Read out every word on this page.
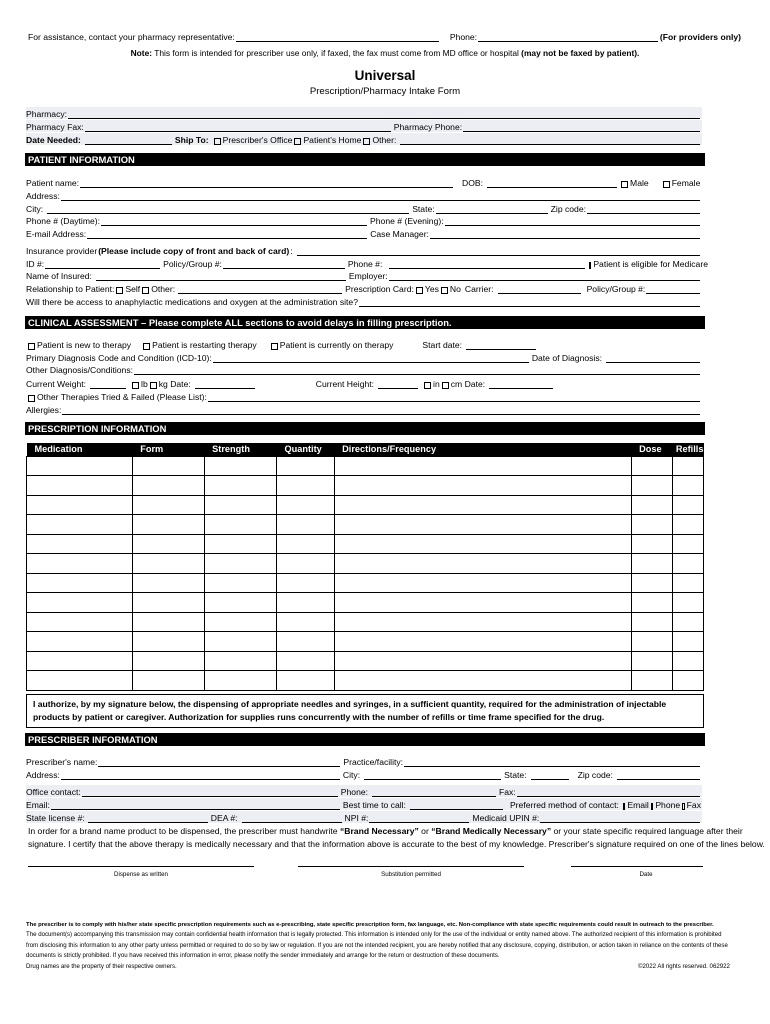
For assistance, contact your pharmacy representative:	Phone:	(For providers only)
Note: This form is intended for prescriber use only, if faxed, the fax must come from MD office or hospital (may not be faxed by patient).
Universal
Prescription/Pharmacy Intake Form
Pharmacy:
Pharmacy Fax:	Pharmacy Phone:
Date Needed:	Ship To: Prescriber's Office Patient's Home Other:
PATIENT INFORMATION
Patient name:	DOB:	Male	Female
Address:
City:	State:	Zip code:
Phone # (Daytime):	Phone # (Evening):
E-mail Address:	Case Manager:
Insurance provider (Please include copy of front and back of card) :
ID #:	Policy/Group #:	Phone #:	Patient is eligible for Medicare
Name of Insured:	Employer:
Relationship to Patient: Self Other:	Prescription Card: Yes No Carrier:	Policy/Group #:
Will there be access to anaphylactic medications and oxygen at the administration site?
CLINICAL ASSESSMENT – Please complete ALL sections to avoid delays in filling prescription.
Patient is new to therapy Patient is restarting therapy	Patient is currently on therapy	Start date:
Primary Diagnosis Code and Condition (ICD-10):	Date of Diagnosis:
Other Diagnosis/Conditions:
Current Weight:	lb kg Date:	Current Height:	in cm Date:
Other Therapies Tried & Failed (Please List):
Allergies:
PRESCRIPTION INFORMATION
Medication	Form	Strength	Quantity	Directions/Frequency	Dose	Refills

I authorize, by my signature below, the dispensing of appropriate needles and syringes, in a sufficient quantity, required for the administration of injectable products by patient or caregiver. Authorization for supplies runs concurrently with the number of refills or time frame specified for the drug.
PRESCRIBER INFORMATION
Prescriber's name:	Practice/facility:
Address:	City:	State:	Zip code:
Office contact:	Phone:	Fax:
Email:	Best time to call:	Preferred method of contact: Email Phone Fax
State license #:	DEA #:	NPI #:	Medicaid UPIN #:
In order for a brand name product to be dispensed, the prescriber must handwrite “Brand Necessary” or “Brand Medically Necessary” or your state specific required language after their
signature. I certify that the above therapy is medically necessary and that the information above is accurate to the best of my knowledge. Prescriber's signature required on one of the lines below.
Dispense as written	Substitution permitted	Date
The prescriber is to comply with his/her state specific prescription requirements such as e-prescribing, state specific prescription form, fax language, etc. Non-compliance with state specific requirements could result in outreach to the prescriber.
The document(s) accompanying this transmission may contain confidential health information that is legally protected. This information is intended only for the use of the individual or entity named above. The authorized recipient of this information is prohibited
from disclosing this information to any other party unless permitted or required to do so by law or regulation. If you are not the intended recipient, you are hereby notified that any disclosure, copying, distribution, or action taken in reliance on the contents of these
documents is strictly prohibited. If you have received this information in error, please notify the sender immediately and arrange for the return or destruction of these documents.
Drug names are the property of their respective owners.	©2022 All rights reserved. 062922
